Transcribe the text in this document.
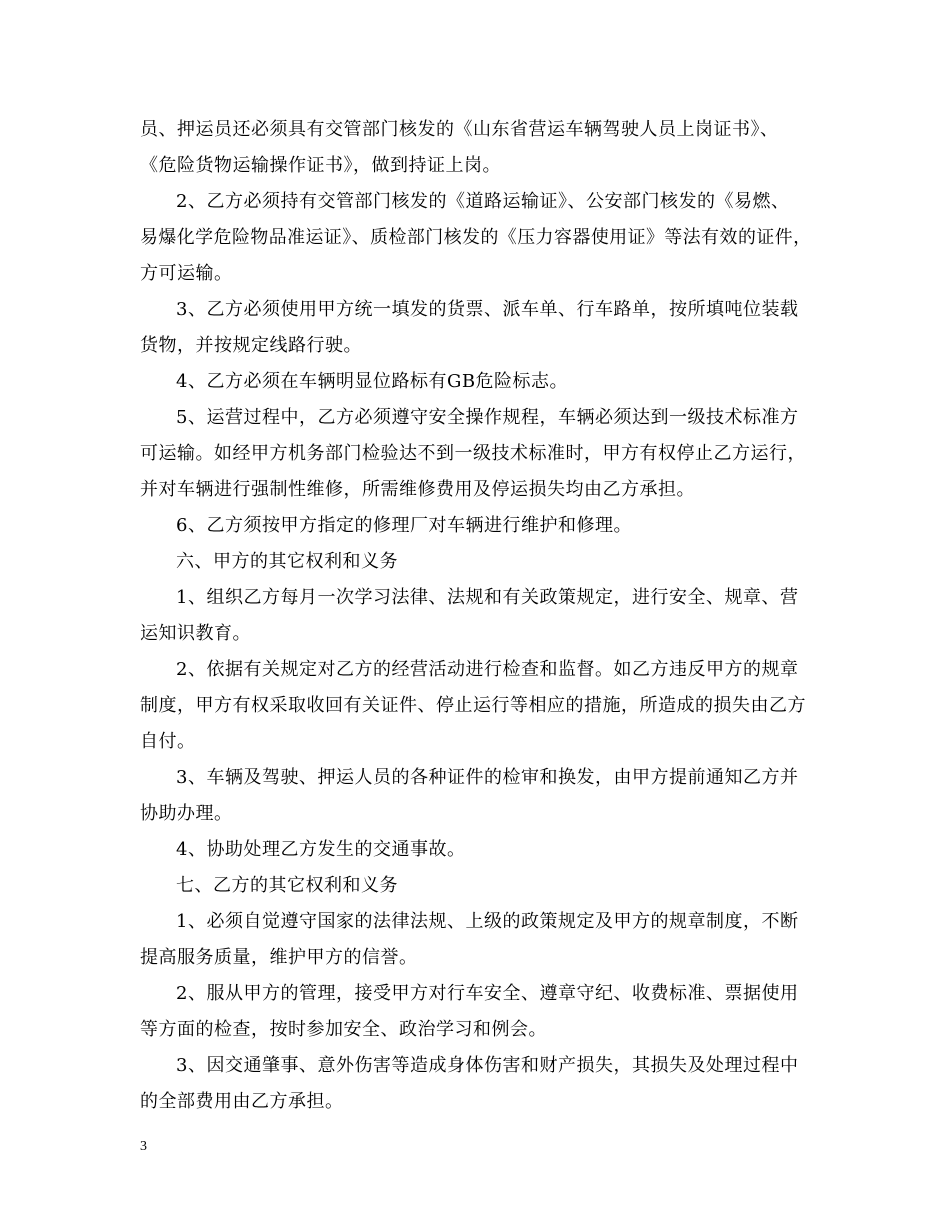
员、押运员还必须具有交管部门核发的《山东省营运车辆驾驶人员上岗证书》、
《危险货物运输操作证书》，做到持证上岗。
2、乙方必须持有交管部门核发的《道路运输证》、公安部门核发的《易燃、
易爆化学危险物品准运证》、质检部门核发的《压力容器使用证》等法有效的证件，
方可运输。
3、乙方必须使用甲方统一填发的货票、派车单、行车路单，按所填吨位装载
货物，并按规定线路行驶。
4、乙方必须在车辆明显位路标有GB危险标志。
5、运营过程中，乙方必须遵守安全操作规程，车辆必须达到一级技术标准方
可运输。如经甲方机务部门检验达不到一级技术标准时，甲方有权停止乙方运行，
并对车辆进行强制性维修，所需维修费用及停运损失均由乙方承担。
6、乙方须按甲方指定的修理厂对车辆进行维护和修理。
六、甲方的其它权利和义务
1、组织乙方每月一次学习法律、法规和有关政策规定，进行安全、规章、营
运知识教育。
2、依据有关规定对乙方的经营活动进行检查和监督。如乙方违反甲方的规章
制度，甲方有权采取收回有关证件、停止运行等相应的措施，所造成的损失由乙方
自付。
3、车辆及驾驶、押运人员的各种证件的检审和换发，由甲方提前通知乙方并
协助办理。
4、协助处理乙方发生的交通事故。
七、乙方的其它权利和义务
1、必须自觉遵守国家的法律法规、上级的政策规定及甲方的规章制度，不断
提高服务质量，维护甲方的信誉。
2、服从甲方的管理，接受甲方对行车安全、遵章守纪、收费标准、票据使用
等方面的检查，按时参加安全、政治学习和例会。
3、因交通肇事、意外伤害等造成身体伤害和财产损失，其损失及处理过程中
的全部费用由乙方承担。
3
